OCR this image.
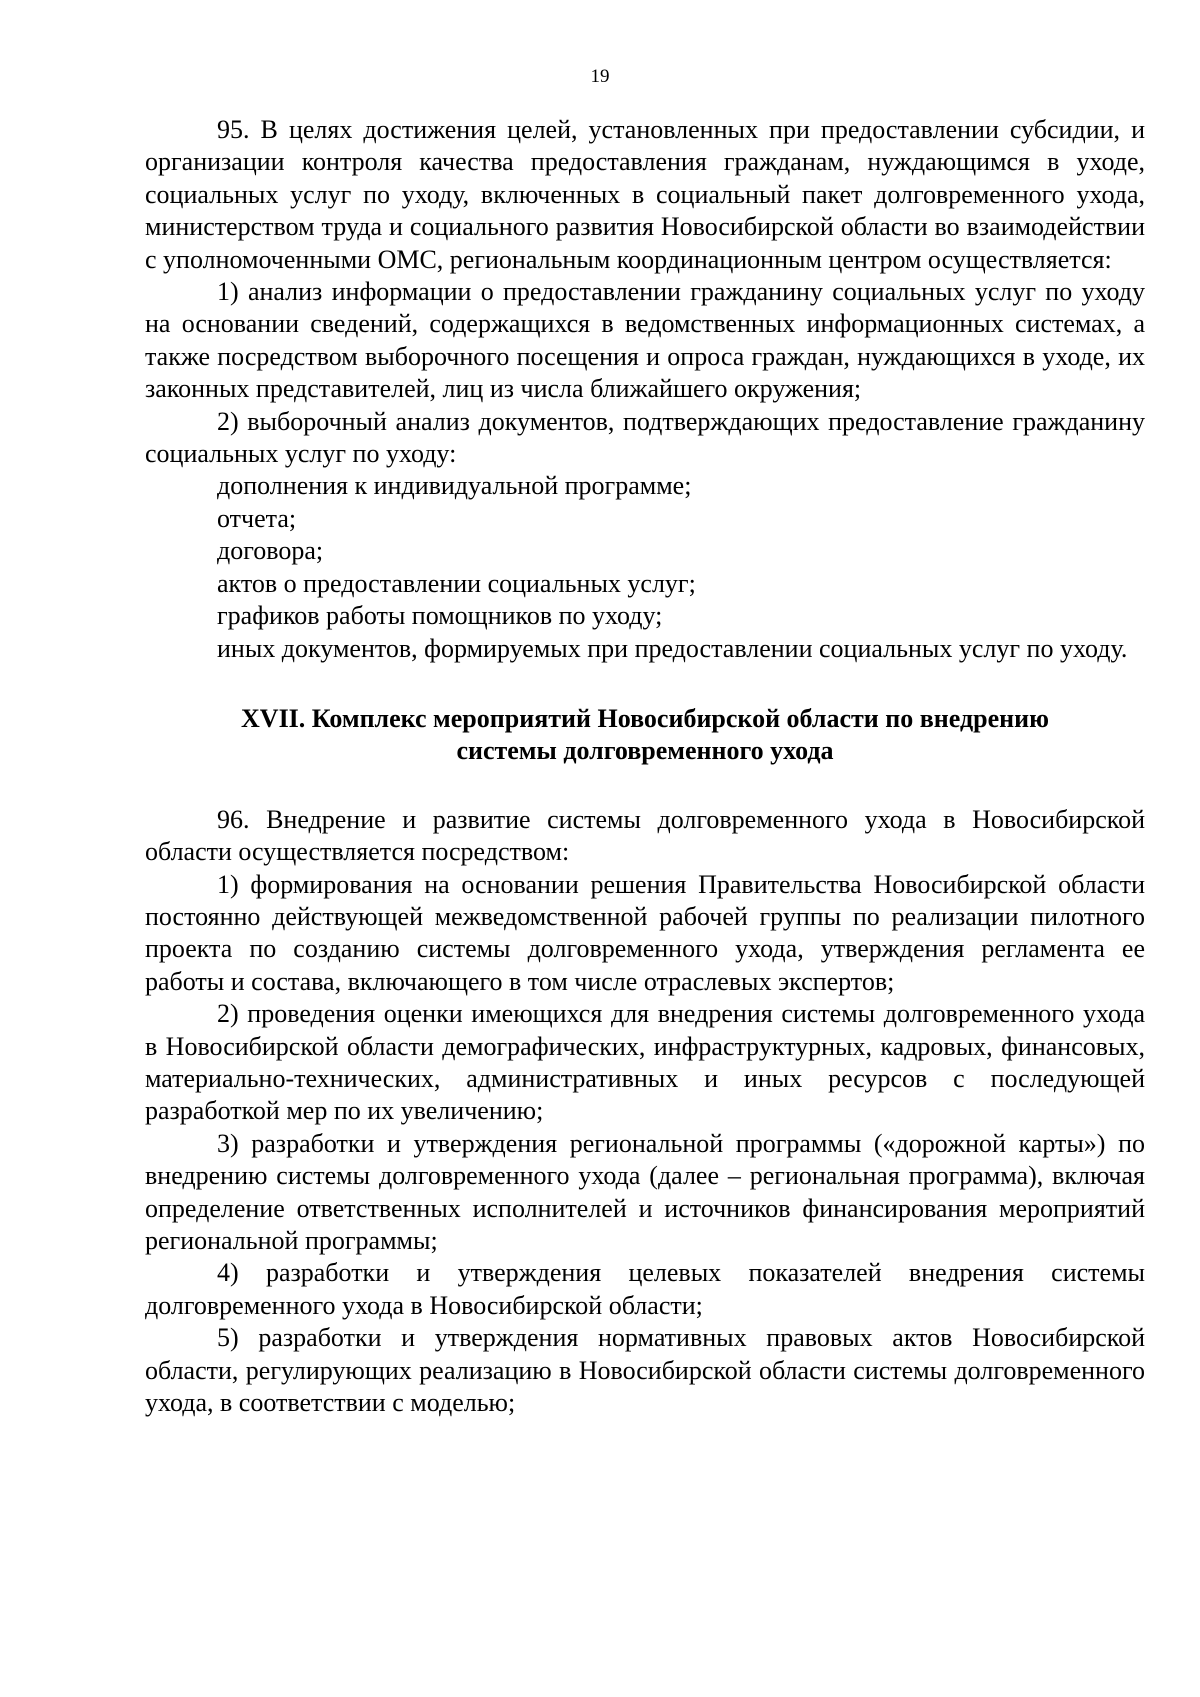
19

95. В целях достижения целей, установленных при предоставлении субсидии, и организации контроля качества предоставления гражданам, нуждающимся в уходе, социальных услуг по уходу, включенных в социальный пакет долговременного ухода, министерством труда и социального развития Новосибирской области во взаимодействии с уполномоченными ОМС, региональным координационным центром осуществляется:

1) анализ информации о предоставлении гражданину социальных услуг по уходу на основании сведений, содержащихся в ведомственных информационных системах, а также посредством выборочного посещения и опроса граждан, нуждающихся в уходе, их законных представителей, лиц из числа ближайшего окружения;

2) выборочный анализ документов, подтверждающих предоставление гражданину социальных услуг по уходу:

дополнения к индивидуальной программе;

отчета;

договора;

актов о предоставлении социальных услуг;

графиков работы помощников по уходу;

иных документов, формируемых при предоставлении социальных услуг по уходу.

XVII. Комплекс мероприятий Новосибирской области по внедрению
системы долговременного ухода

96. Внедрение и развитие системы долговременного ухода в Новосибирской области осуществляется посредством:

1) формирования на основании решения Правительства Новосибирской области постоянно действующей межведомственной рабочей группы по реализации пилотного проекта по созданию системы долговременного ухода, утверждения регламента ее работы и состава, включающего в том числе отраслевых экспертов;

2) проведения оценки имеющихся для внедрения системы долговременного ухода в Новосибирской области демографических, инфраструктурных, кадровых, финансовых, материально-технических, административных и иных ресурсов с последующей разработкой мер по их увеличению;

3) разработки и утверждения региональной программы («дорожной карты») по внедрению системы долговременного ухода (далее – региональная программа), включая определение ответственных исполнителей и источников финансирования мероприятий региональной программы;

4) разработки и утверждения целевых показателей внедрения системы долговременного ухода в Новосибирской области;

5) разработки и утверждения нормативных правовых актов Новосибирской области, регулирующих реализацию в Новосибирской области системы долговременного ухода, в соответствии с моделью;
